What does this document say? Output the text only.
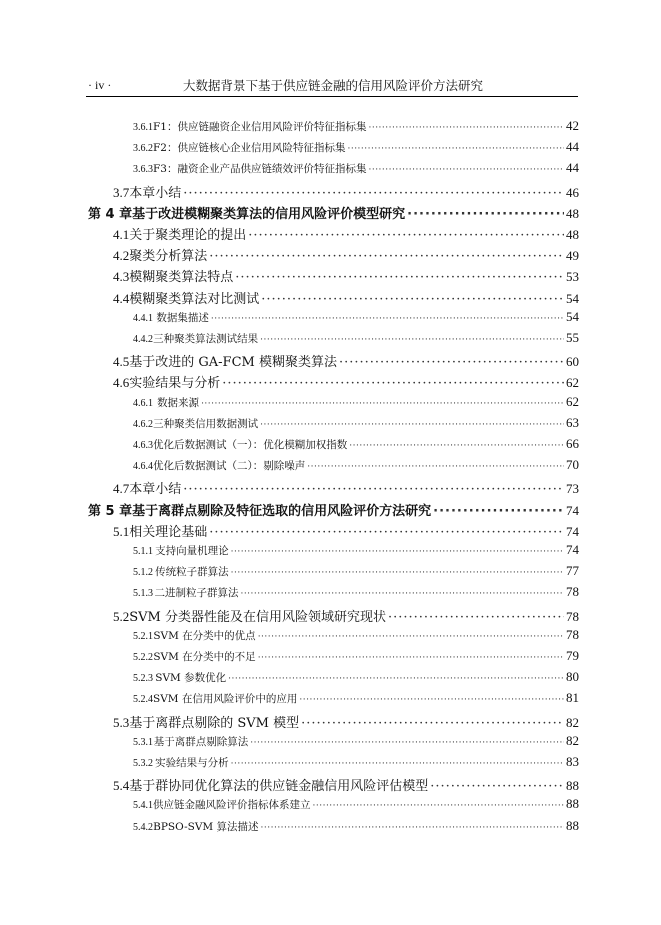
· iv ·	大数据背景下基于供应链金融的信用风险评价方法研究
3.6.1 F1：供应链融资企业信用风险评价特征指标集 ·····	42
3.6.2 F2：供应链核心企业信用风险特征指标集 ·····	44
3.6.3 F3：融资企业产品供应链绩效评价特征指标集 ·····	44
3.7 本章小结 ·····	46
第 4 章 基于改进模糊聚类算法的信用风险评价模型研究 ·····	48
4.1 关于聚类理论的提出 ·····	48
4.2 聚类分析算法 ·····	49
4.3 模糊聚类算法特点 ·····	53
4.4 模糊聚类算法对比测试 ·····	54
4.4.1 数据集描述 ·····	54
4.4.2 三种聚类算法测试结果 ·····	55
4.5 基于改进的 GA-FCM 模糊聚类算法 ·····	60
4.6 实验结果与分析 ·····	62
4.6.1 数据来源 ·····	62
4.6.2 三种聚类信用数据测试 ·····	63
4.6.3 优化后数据测试（一）：优化模糊加权指数 ·····	66
4.6.4 优化后数据测试（二）：剔除噪声 ·····	70
4.7 本章小结 ·····	73
第 5 章 基于离群点剔除及特征选取的信用风险评价方法研究 ·····	74
5.1 相关理论基础 ·····	74
5.1.1 支持向量机理论 ·····	74
5.1.2 传统粒子群算法 ·····	77
5.1.3 二进制粒子群算法 ·····	78
5.2 SVM 分类器性能及在信用风险领域研究现状 ·····	78
5.2.1 SVM 在分类中的优点 ·····	78
5.2.2 SVM 在分类中的不足 ·····	79
5.2.3 SVM 参数优化 ·····	80
5.2.4 SVM 在信用风险评价中的应用 ·····	81
5.3 基于离群点剔除的 SVM 模型 ·····	82
5.3.1 基于离群点剔除算法 ·····	82
5.3.2 实验结果与分析 ·····	83
5.4 基于群协同优化算法的供应链金融信用风险评估模型 ·····	88
5.4.1 供应链金融风险评价指标体系建立 ·····	88
5.4.2 BPSO-SVM 算法描述 ·····	88
